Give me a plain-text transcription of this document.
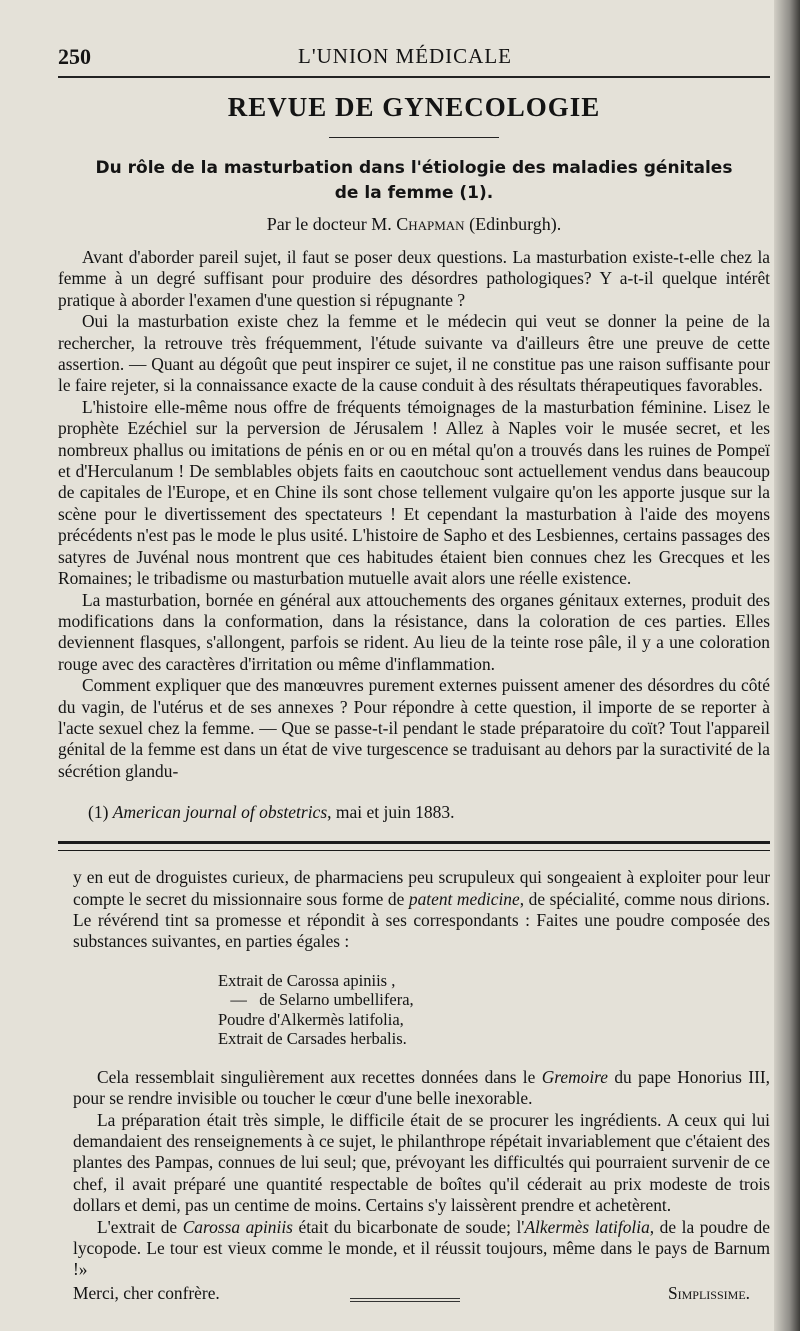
250	L'UNION MÉDICALE
REVUE DE GYNECOLOGIE
Du rôle de la masturbation dans l'étiologie des maladies génitales
de la femme (1).
Par le docteur M. Chapman (Edinburgh).

Avant d'aborder pareil sujet, il faut se poser deux questions. La masturbation existe-t-elle chez la femme à un degré suffisant pour produire des désordres pathologiques? Y a-t-il quelque intérêt pratique à aborder l'examen d'une question si répugnante ?

Oui la masturbation existe chez la femme et le médecin qui veut se donner la peine de la rechercher, la retrouve très fréquemment, l'étude suivante va d'ailleurs être une preuve de cette assertion. — Quant au dégoût que peut inspirer ce sujet, il ne constitue pas une raison suffisante pour le faire rejeter, si la connaissance exacte de la cause conduit à des résultats thérapeutiques favorables.

L'histoire elle-même nous offre de fréquents témoignages de la masturbation féminine. Lisez le prophète Ezéchiel sur la perversion de Jérusalem ! Allez à Naples voir le musée secret, et les nombreux phallus ou imitations de pénis en or ou en métal qu'on a trouvés dans les ruines de Pompeï et d'Herculanum ! De semblables objets faits en caoutchouc sont actuellement vendus dans beaucoup de capitales de l'Europe, et en Chine ils sont chose tellement vulgaire qu'on les apporte jusque sur la scène pour le divertissement des spectateurs ! Et cependant la masturbation à l'aide des moyens précédents n'est pas le mode le plus usité. L'histoire de Sapho et des Lesbiennes, certains passages des satyres de Juvénal nous montrent que ces habitudes étaient bien connues chez les Grecques et les Romaines; le tribadisme ou masturbation mutuelle avait alors une réelle existence.

La masturbation, bornée en général aux attouchements des organes génitaux externes, produit des modifications dans la conformation, dans la résistance, dans la coloration de ces parties. Elles deviennent flasques, s'allongent, parfois se rident. Au lieu de la teinte rose pâle, il y a une coloration rouge avec des caractères d'irritation ou même d'inflammation.

Comment expliquer que des manœuvres purement externes puissent amener des désordres du côté du vagin, de l'utérus et de ses annexes ? Pour répondre à cette question, il importe de se reporter à l'acte sexuel chez la femme. — Que se passe-t-il pendant le stade préparatoire du coït? Tout l'appareil génital de la femme est dans un état de vive turgescence se traduisant au dehors par la suractivité de la sécrétion glandu-

(1) American journal of obstetrics, mai et juin 1883.

y en eut de droguistes curieux, de pharmaciens peu scrupuleux qui songeaient à exploiter pour leur compte le secret du missionnaire sous forme de patent medicine, de spécialité, comme nous dirions. Le révérend tint sa promesse et répondit à ses correspondants : Faites une poudre composée des substances suivantes, en parties égales :

Extrait de Carossa apiniis ,
—   de Selarno umbellifera,
Poudre d'Alkermès latifolia,
Extrait de Carsades herbalis.

Cela ressemblait singulièrement aux recettes données dans le Gremoire du pape Honorius III, pour se rendre invisible ou toucher le cœur d'une belle inexorable.

La préparation était très simple, le difficile était de se procurer les ingrédients. A ceux qui lui demandaient des renseignements à ce sujet, le philanthrope répétait invariablement que c'étaient des plantes des Pampas, connues de lui seul; que, prévoyant les difficultés qui pourraient survenir de ce chef, il avait préparé une quantité respectable de boîtes qu'il céderait au prix modeste de trois dollars et demi, pas un centime de moins. Certains s'y laissèrent prendre et achetèrent.

L'extrait de Carossa apiniis était du bicarbonate de soude; l'Alkermès latifolia, de la poudre de lycopode. Le tour est vieux comme le monde, et il réussit toujours, même dans le pays de Barnum !»

Merci, cher confrère.	Simplissime.
